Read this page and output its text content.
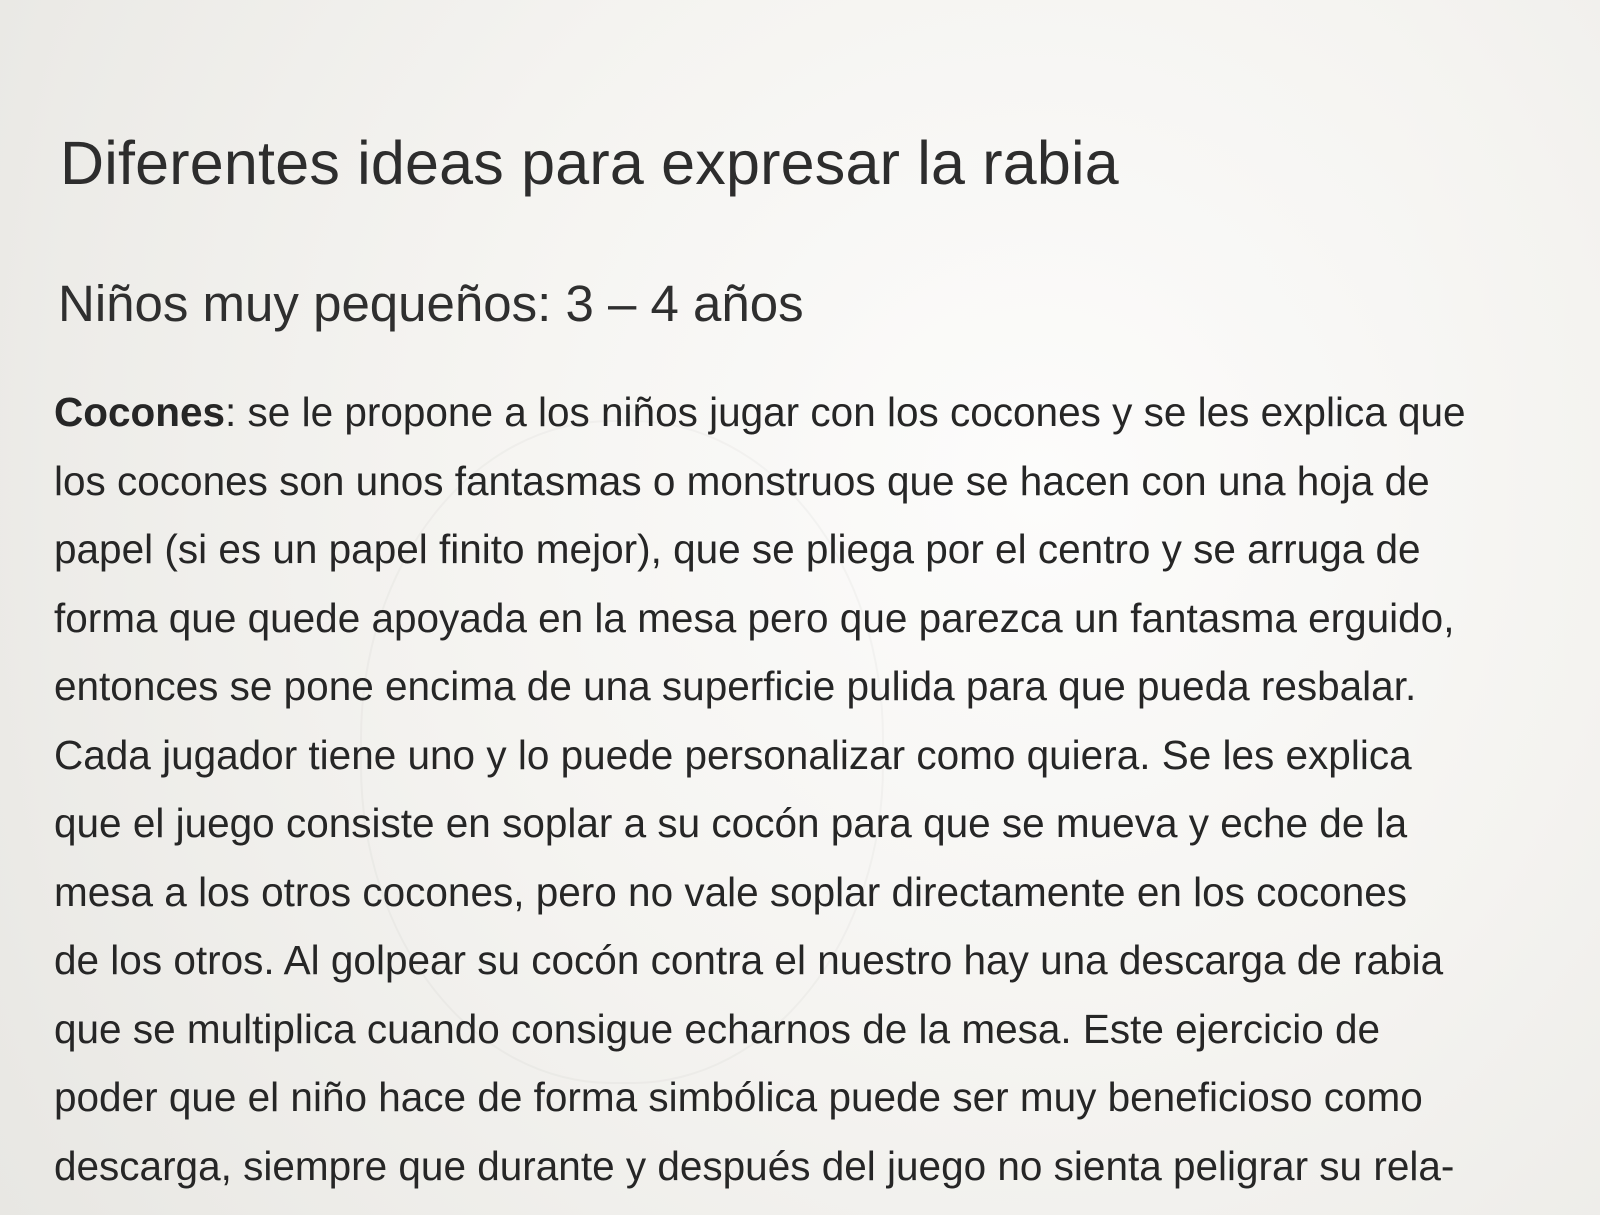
Diferentes ideas para expresar la rabia
Niños muy pequeños: 3 – 4 años
Cocones: se le propone a los niños jugar con los cocones y se les explica que
los cocones son unos fantasmas o monstruos que se hacen con una hoja de
papel (si es un papel finito mejor), que se pliega por el centro y se arruga de
forma que quede apoyada en la mesa pero que parezca un fantasma erguido,
entonces se pone encima de una superficie pulida para que pueda resbalar.
Cada jugador tiene uno y lo puede personalizar como quiera. Se les explica
que el juego consiste en soplar a su cocón para que se mueva y eche de la
mesa a los otros cocones, pero no vale soplar directamente en los cocones
de los otros. Al golpear su cocón contra el nuestro hay una descarga de rabia
que se multiplica cuando consigue echarnos de la mesa. Este ejercicio de
poder que el niño hace de forma simbólica puede ser muy beneficioso como
descarga, siempre que durante y después del juego no sienta peligrar su rela-
